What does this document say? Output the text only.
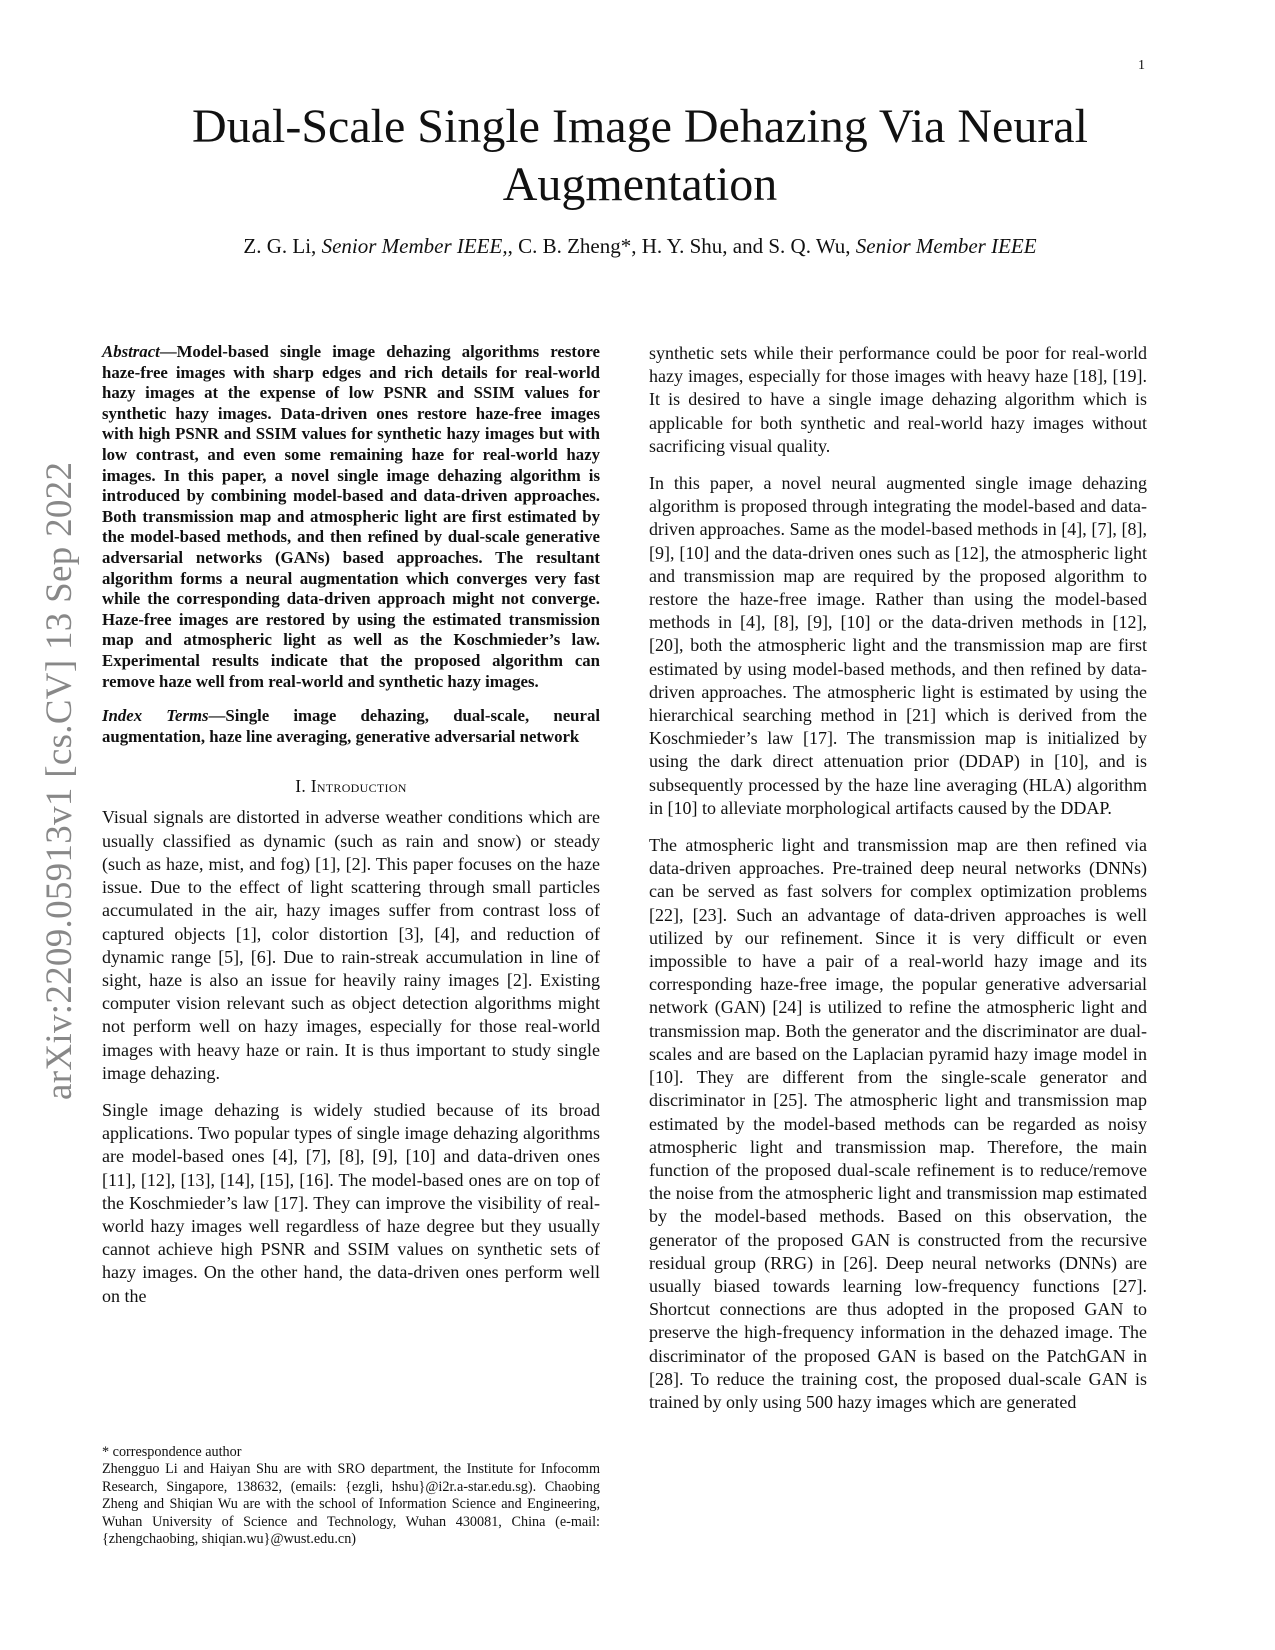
1
arXiv:2209.05913v1 [cs.CV] 13 Sep 2022
Dual-Scale Single Image Dehazing Via Neural Augmentation
Z. G. Li, Senior Member IEEE,, C. B. Zheng*, H. Y. Shu, and S. Q. Wu, Senior Member IEEE

Abstract—Model-based single image dehazing algorithms restore haze-free images with sharp edges and rich details for real-world hazy images at the expense of low PSNR and SSIM values for synthetic hazy images. Data-driven ones restore haze-free images with high PSNR and SSIM values for synthetic hazy images but with low contrast, and even some remaining haze for real-world hazy images. In this paper, a novel single image dehazing algorithm is introduced by combining model-based and data-driven approaches. Both transmission map and atmospheric light are first estimated by the model-based methods, and then refined by dual-scale generative adversarial networks (GANs) based approaches. The resultant algorithm forms a neural augmentation which converges very fast while the corresponding data-driven approach might not converge. Haze-free images are restored by using the estimated transmission map and atmospheric light as well as the Koschmieder’s law. Experimental results indicate that the proposed algorithm can remove haze well from real-world and synthetic hazy images.

Index Terms—Single image dehazing, dual-scale, neural augmentation, haze line averaging, generative adversarial network

I. Introduction

Visual signals are distorted in adverse weather conditions which are usually classified as dynamic (such as rain and snow) or steady (such as haze, mist, and fog) [1], [2]. This paper focuses on the haze issue. Due to the effect of light scattering through small particles accumulated in the air, hazy images suffer from contrast loss of captured objects [1], color distortion [3], [4], and reduction of dynamic range [5], [6]. Due to rain-streak accumulation in line of sight, haze is also an issue for heavily rainy images [2]. Existing computer vision relevant such as object detection algorithms might not perform well on hazy images, especially for those real-world images with heavy haze or rain. It is thus important to study single image dehazing.

Single image dehazing is widely studied because of its broad applications. Two popular types of single image dehazing algorithms are model-based ones [4], [7], [8], [9], [10] and data-driven ones [11], [12], [13], [14], [15], [16]. The model-based ones are on top of the Koschmieder’s law [17]. They can improve the visibility of real-world hazy images well regardless of haze degree but they usually cannot achieve high PSNR and SSIM values on synthetic sets of hazy images. On the other hand, the data-driven ones perform well on the

* correspondence author

Zhengguo Li and Haiyan Shu are with SRO department, the Institute for Infocomm Research, Singapore, 138632, (emails: {ezgli, hshu}@i2r.a-star.edu.sg). Chaobing Zheng and Shiqian Wu are with the school of Information Science and Engineering, Wuhan University of Science and Technology, Wuhan 430081, China (e-mail: {zhengchaobing, shiqian.wu}@wust.edu.cn)

synthetic sets while their performance could be poor for real-world hazy images, especially for those images with heavy haze [18], [19]. It is desired to have a single image dehazing algorithm which is applicable for both synthetic and real-world hazy images without sacrificing visual quality.

In this paper, a novel neural augmented single image dehazing algorithm is proposed through integrating the model-based and data-driven approaches. Same as the model-based methods in [4], [7], [8], [9], [10] and the data-driven ones such as [12], the atmospheric light and transmission map are required by the proposed algorithm to restore the haze-free image. Rather than using the model-based methods in [4], [8], [9], [10] or the data-driven methods in [12], [20], both the atmospheric light and the transmission map are first estimated by using model-based methods, and then refined by data-driven approaches. The atmospheric light is estimated by using the hierarchical searching method in [21] which is derived from the Koschmieder’s law [17]. The transmission map is initialized by using the dark direct attenuation prior (DDAP) in [10], and is subsequently processed by the haze line averaging (HLA) algorithm in [10] to alleviate morphological artifacts caused by the DDAP.

The atmospheric light and transmission map are then refined via data-driven approaches. Pre-trained deep neural networks (DNNs) can be served as fast solvers for complex optimization problems [22], [23]. Such an advantage of data-driven approaches is well utilized by our refinement. Since it is very difficult or even impossible to have a pair of a real-world hazy image and its corresponding haze-free image, the popular generative adversarial network (GAN) [24] is utilized to refine the atmospheric light and transmission map. Both the generator and the discriminator are dual-scales and are based on the Laplacian pyramid hazy image model in [10]. They are different from the single-scale generator and discriminator in [25]. The atmospheric light and transmission map estimated by the model-based methods can be regarded as noisy atmospheric light and transmission map. Therefore, the main function of the proposed dual-scale refinement is to reduce/remove the noise from the atmospheric light and transmission map estimated by the model-based methods. Based on this observation, the generator of the proposed GAN is constructed from the recursive residual group (RRG) in [26]. Deep neural networks (DNNs) are usually biased towards learning low-frequency functions [27]. Shortcut connections are thus adopted in the proposed GAN to preserve the high-frequency information in the dehazed image. The discriminator of the proposed GAN is based on the PatchGAN in [28]. To reduce the training cost, the proposed dual-scale GAN is trained by only using 500 hazy images which are generated
